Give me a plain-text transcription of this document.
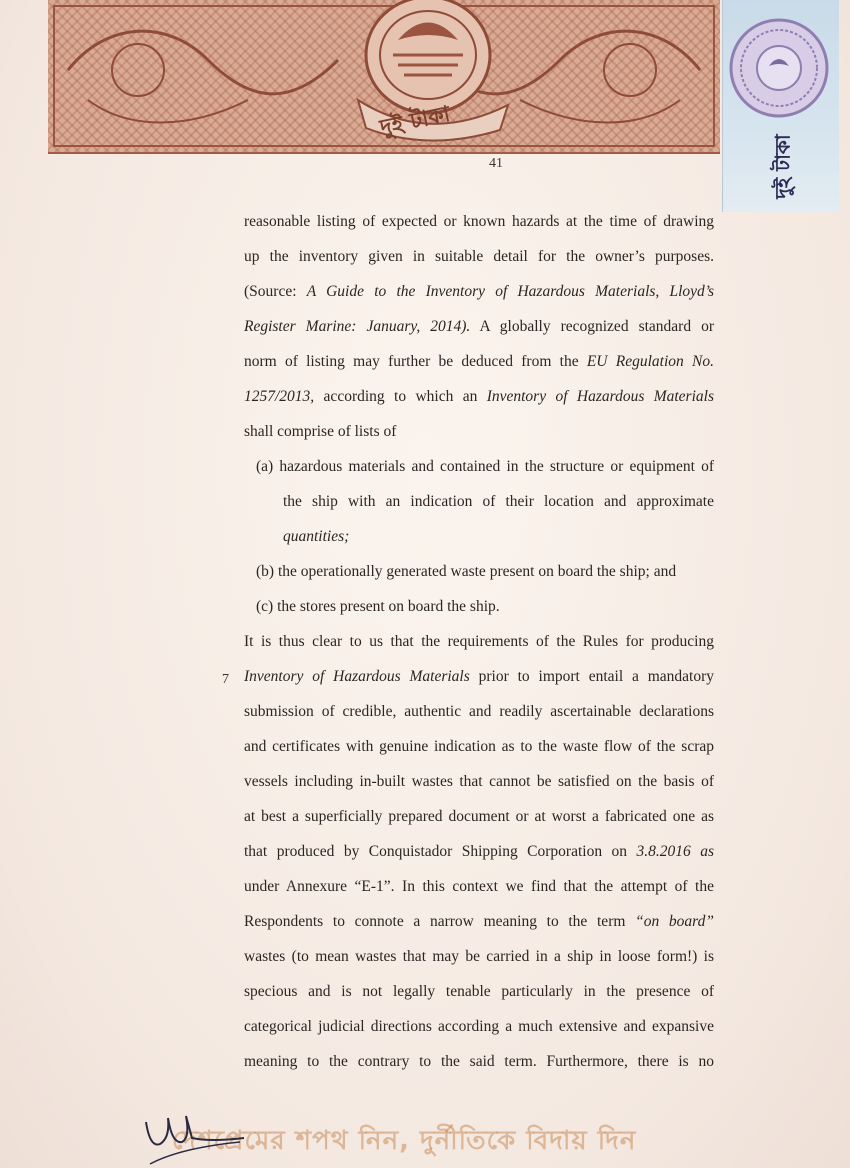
দুই টাকা
দুই টাকা
41

reasonable listing of expected or known hazards at the time of drawing
up the inventory given in suitable detail for the owner’s purposes.
(Source: A Guide to the Inventory of Hazardous Materials, Lloyd’s
Register Marine: January, 2014). A globally recognized standard or
norm of listing may further be deduced from the EU Regulation No.
1257/2013, according to which an Inventory of Hazardous Materials
shall comprise of lists of

(a) hazardous materials and contained in the structure or equipment of
the ship with an indication of their location and approximate
quantities;
(b) the operationally generated waste present on board the ship; and
(c) the stores present on board the ship.

It is thus clear to us that the requirements of the Rules for producing
Inventory of Hazardous Materials prior to import entail a mandatory
submission of credible, authentic and readily ascertainable declarations
and certificates with genuine indication as to the waste flow of the scrap
vessels including in-built wastes that cannot be satisfied on the basis of
at best a superficially prepared document or at worst a fabricated one as
that produced by Conquistador Shipping Corporation on 3.8.2016 as
under Annexure “E-1”. In this context we find that the attempt of the
Respondents to connote a narrow meaning to the term “on board”
wastes (to mean wastes that may be carried in a ship in loose form!) is
specious and is not legally tenable particularly in the presence of
categorical judicial directions according a much extensive and expansive
meaning to the contrary to the said term. Furthermore, there is no

7
দেশপ্রেমের শপথ নিন, দুর্নীতিকে বিদায় দিন
